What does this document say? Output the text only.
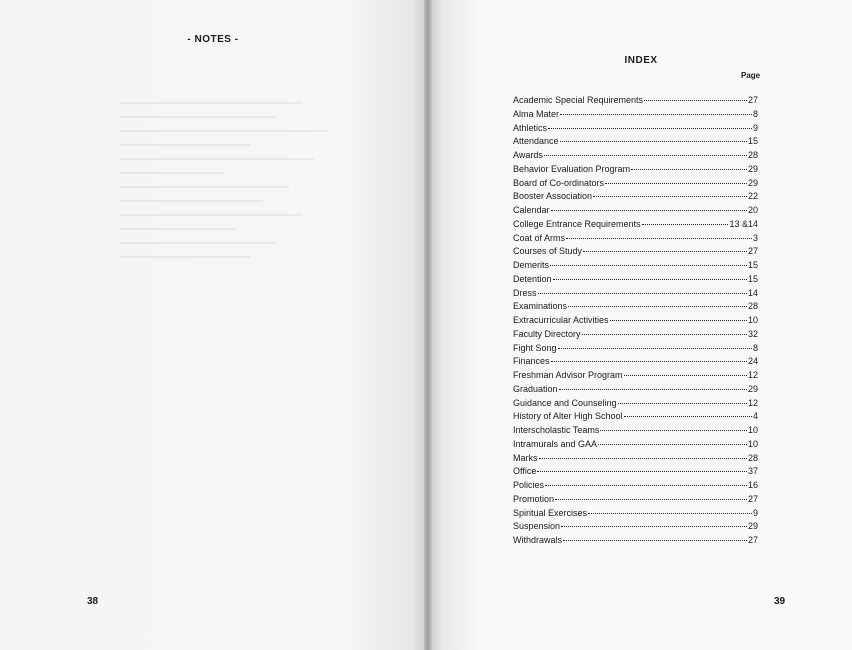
- NOTES -
38
INDEX
Page
Academic Special Requirements	27
Alma Mater	8
Athletics	9
Attendance	15
Awards	28
Behavior Evaluation Program	29
Board of Co-ordinators	29
Booster Association	22
Calendar	20
College Entrance Requirements	13 &14
Coat of Arms	3
Courses of Study	27
Demerits	15
Detention	15
Dress	14
Examinations	28
Extracurricular Activities	10
Faculty Directory	32
Fight Song	8
Finances	24
Freshman Advisor Program	12
Graduation	29
Guidance and Counseling	12
History of Alter High School	4
Interscholastic Teams	10
Intramurals and GAA	10
Marks	28
Office	37
Policies	16
Promotion	27
Spiritual Exercises	9
Suspension	29
Withdrawals	27
39
